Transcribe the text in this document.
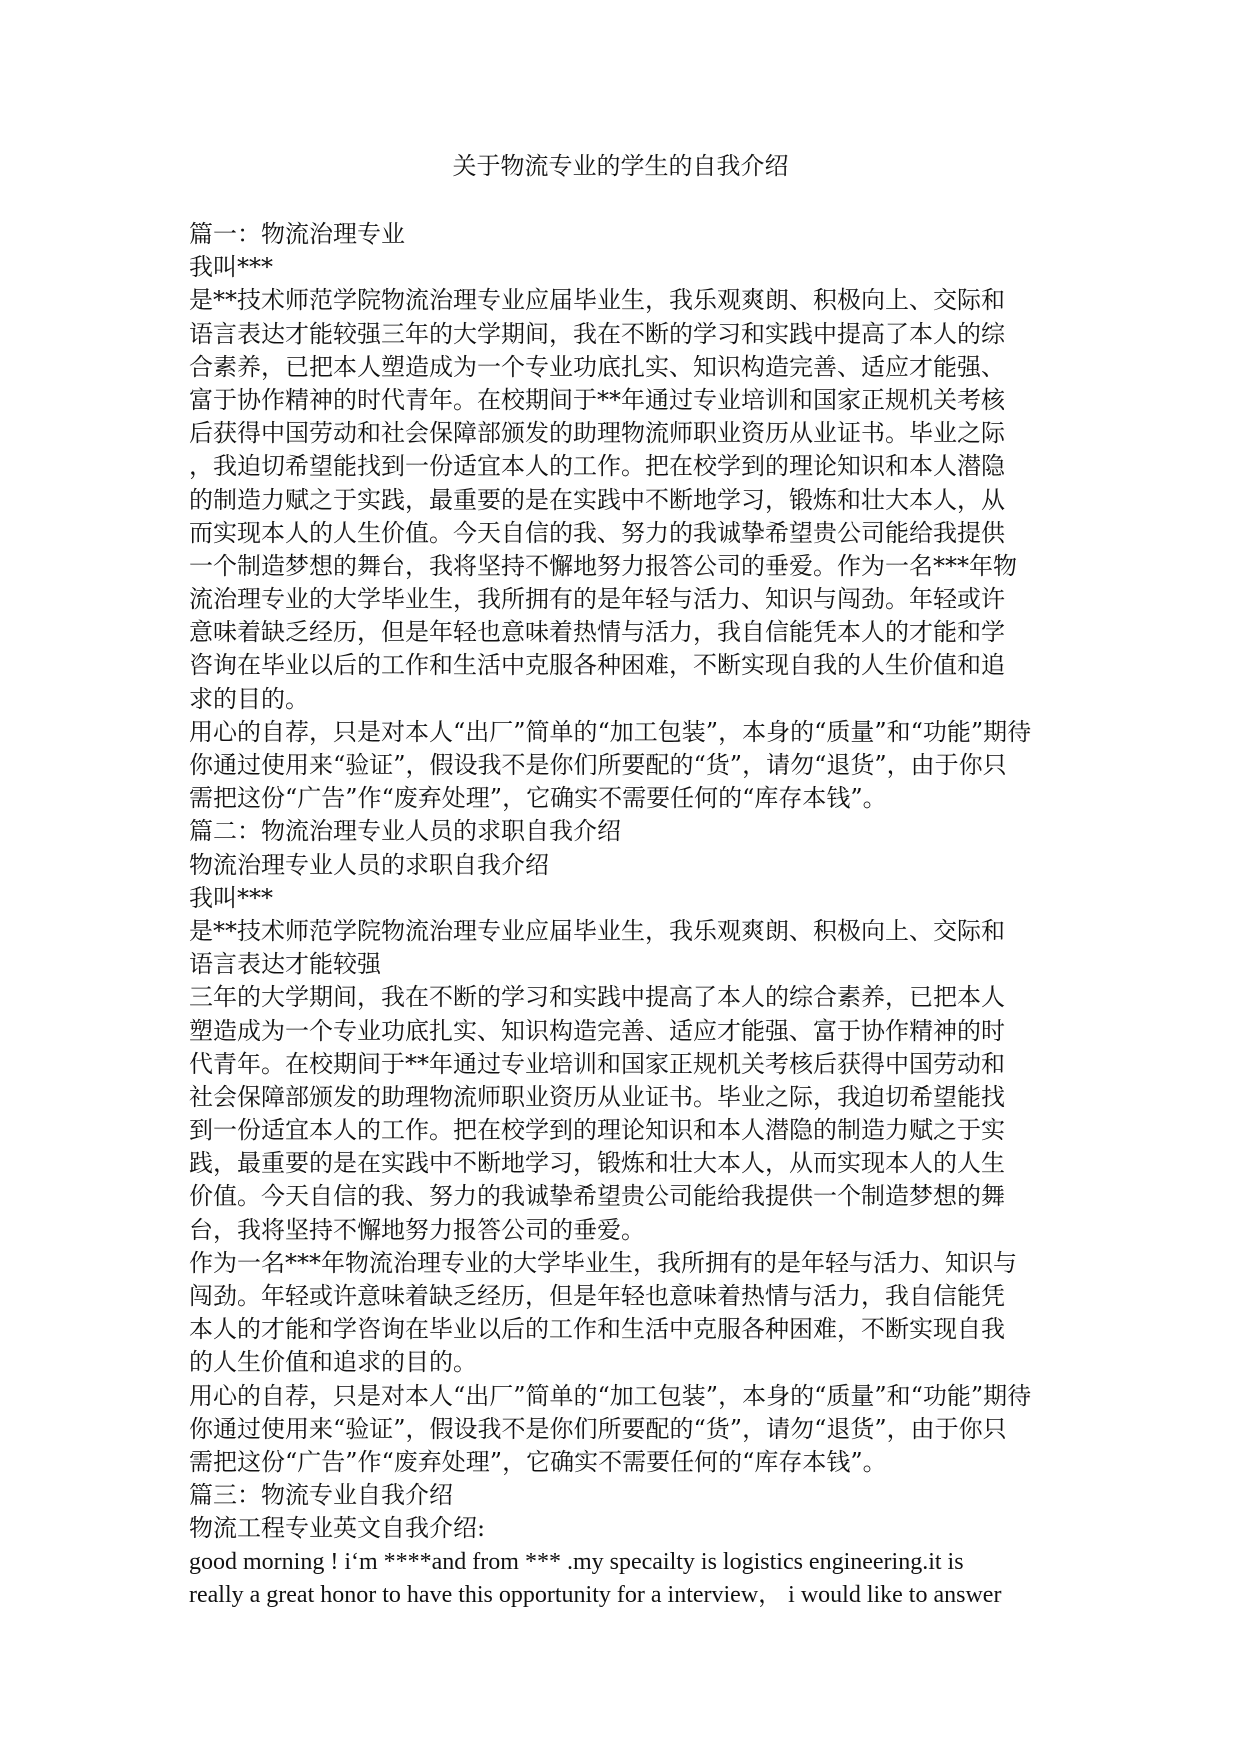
关于物流专业的学生的自我介绍
篇一：物流治理专业
我叫***
是**技术师范学院物流治理专业应届毕业生，我乐观爽朗、积极向上、交际和
语言表达才能较强三年的大学期间，我在不断的学习和实践中提高了本人的综
合素养，已把本人塑造成为一个专业功底扎实、知识构造完善、适应才能强、
富于协作精神的时代青年。在校期间于**年通过专业培训和国家正规机关考核
后获得中国劳动和社会保障部颁发的助理物流师职业资历从业证书。毕业之际
，我迫切希望能找到一份适宜本人的工作。把在校学到的理论知识和本人潜隐
的制造力赋之于实践，最重要的是在实践中不断地学习，锻炼和壮大本人，从
而实现本人的人生价值。今天自信的我、努力的我诚挚希望贵公司能给我提供
一个制造梦想的舞台，我将坚持不懈地努力报答公司的垂爱。作为一名***年物
流治理专业的大学毕业生，我所拥有的是年轻与活力、知识与闯劲。年轻或许
意味着缺乏经历，但是年轻也意味着热情与活力，我自信能凭本人的才能和学
咨询在毕业以后的工作和生活中克服各种困难，不断实现自我的人生价值和追
求的目的。
用心的自荐，只是对本人“出厂”简单的“加工包装”，本身的“质量”和“功能”期待
你通过使用来“验证”，假设我不是你们所要配的“货”，请勿“退货”，由于你只
需把这份“广告”作“废弃处理”，它确实不需要任何的“库存本钱”。
篇二：物流治理专业人员的求职自我介绍
物流治理专业人员的求职自我介绍
我叫***
是**技术师范学院物流治理专业应届毕业生，我乐观爽朗、积极向上、交际和
语言表达才能较强
三年的大学期间，我在不断的学习和实践中提高了本人的综合素养，已把本人
塑造成为一个专业功底扎实、知识构造完善、适应才能强、富于协作精神的时
代青年。在校期间于**年通过专业培训和国家正规机关考核后获得中国劳动和
社会保障部颁发的助理物流师职业资历从业证书。毕业之际，我迫切希望能找
到一份适宜本人的工作。把在校学到的理论知识和本人潜隐的制造力赋之于实
践，最重要的是在实践中不断地学习，锻炼和壮大本人，从而实现本人的人生
价值。今天自信的我、努力的我诚挚希望贵公司能给我提供一个制造梦想的舞
台，我将坚持不懈地努力报答公司的垂爱。
作为一名***年物流治理专业的大学毕业生，我所拥有的是年轻与活力、知识与
闯劲。年轻或许意味着缺乏经历，但是年轻也意味着热情与活力，我自信能凭
本人的才能和学咨询在毕业以后的工作和生活中克服各种困难，不断实现自我
的人生价值和追求的目的。
用心的自荐，只是对本人“出厂”简单的“加工包装”，本身的“质量”和“功能”期待
你通过使用来“验证”，假设我不是你们所要配的“货”，请勿“退货”，由于你只
需把这份“广告”作“废弃处理”，它确实不需要任何的“库存本钱”。
篇三：物流专业自我介绍
物流工程专业英文自我介绍:
good morning ! i‘m ****and from *** .my specailty is logistics engineering.it is
really a great honor to have this opportunity for a interview， i would like to answer
